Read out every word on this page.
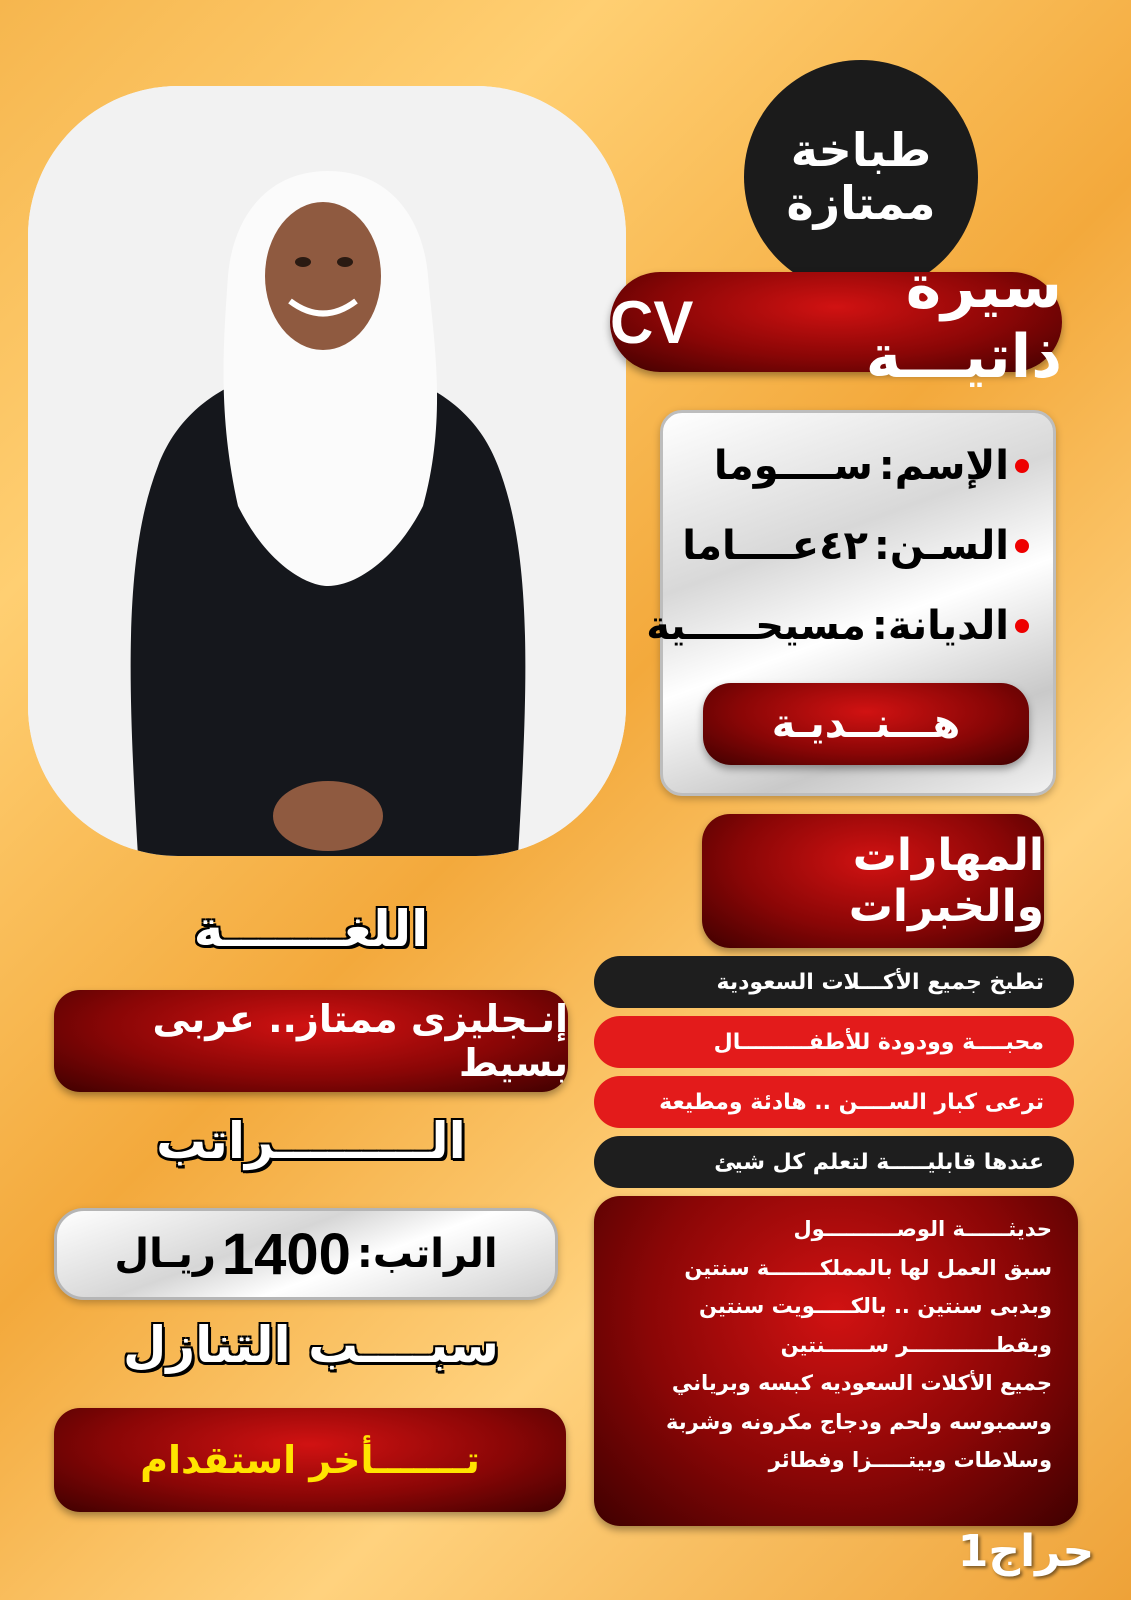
طباخة
ممتازة
سيرة ذاتيـــة
CV
الإسم:
ســــوما
السـن:
٤٢عــــاما
الديانة:
مسيحـــــية
هـــنــديـة
المهارات والخبرات
تطبخ جميع الأكـــلات السعودية
محبــــة وودودة للأطفـــــــــال
ترعى كبار الســــن .. هادئة ومطيعة
عندها قابليـــــة لتعلم كل شيئ
حديثــــــة الوصــــــــــول
سبق العمل لها بالمملكـــــــة سنتين
وبدبى سنتين .. بالكـــــويت سنتين
وبقطــــــــــــر ســــــنتين
جميع الأكلات السعوديه كبسه وبرياني
وسمبوسه ولحم ودجاج مكرونه وشربة
وسلاطات وبيتـــــزا وفطائر
اللغـــــــة
إنـجليزى ممتاز.. عربى بسيط
الـــــــــراتب
الراتب:
1400
ريـال
سبــــب التنازل
تـــــــأخر استقدام
حراج1
